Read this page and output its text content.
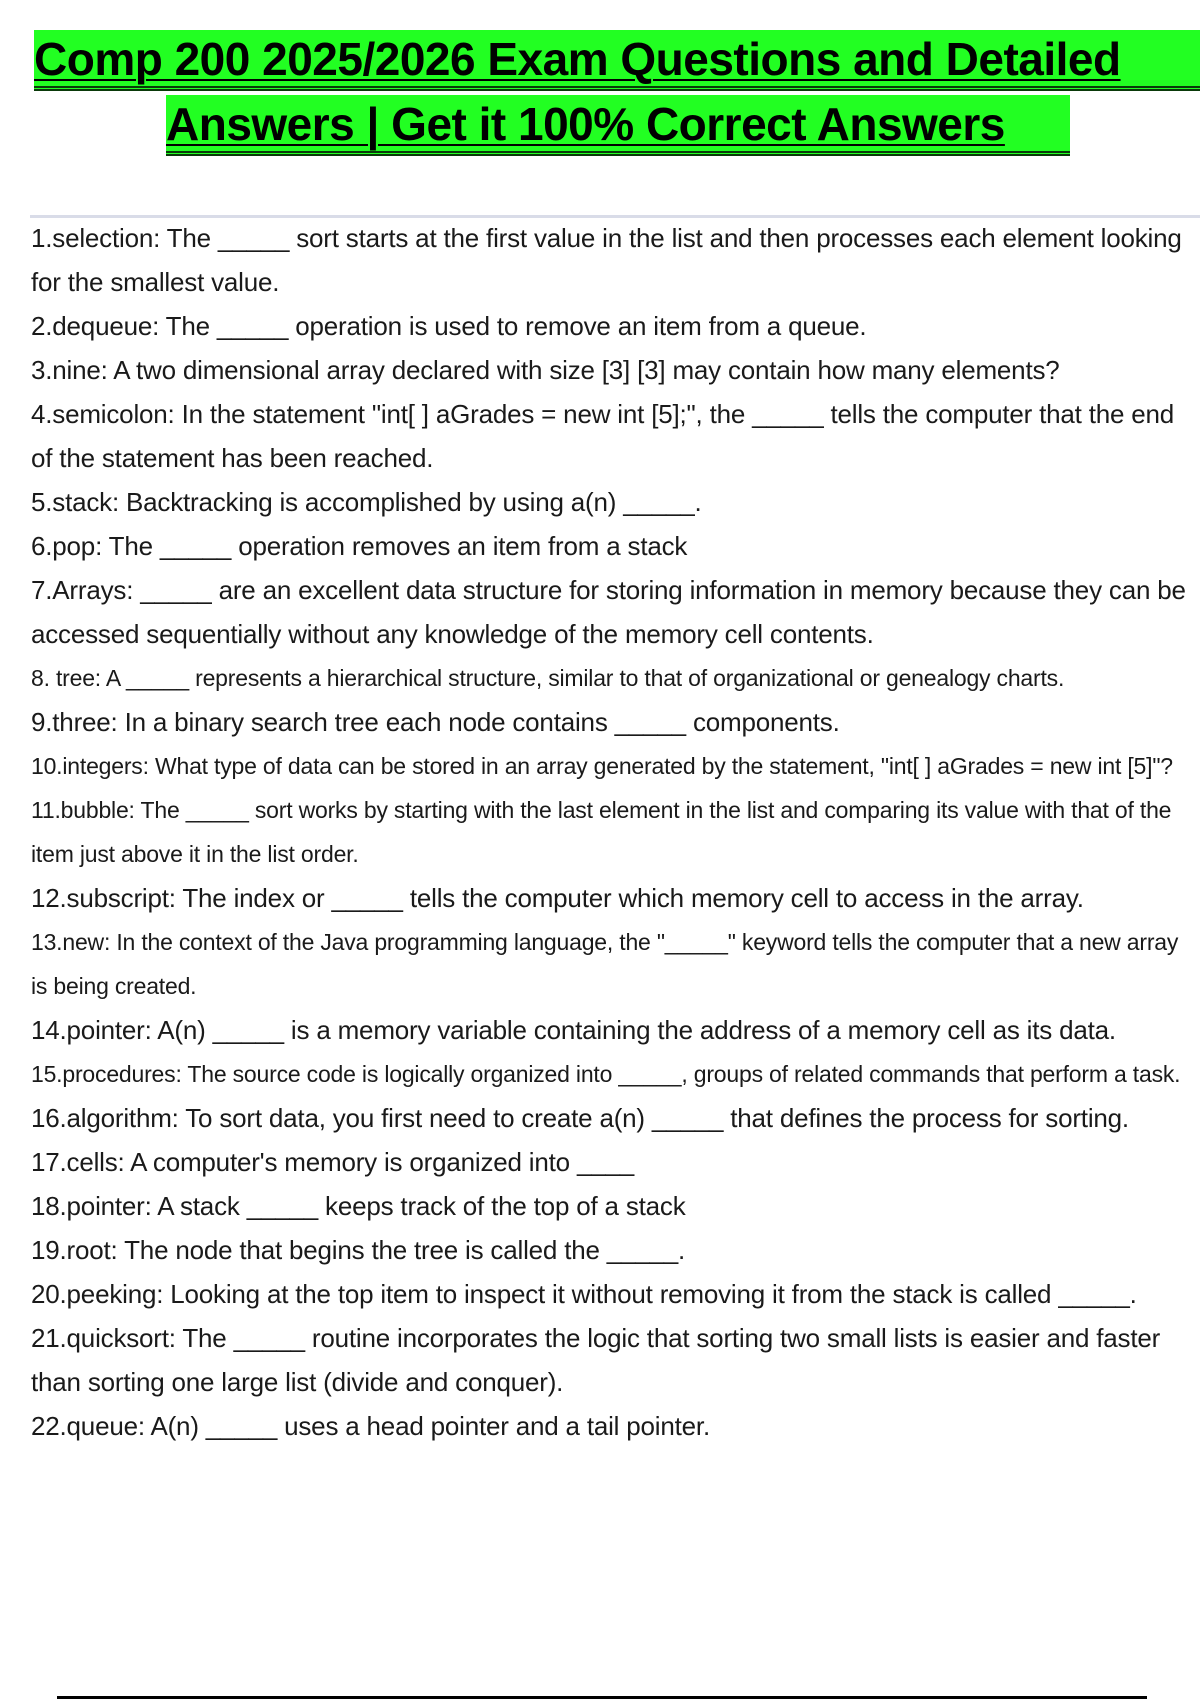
Comp 200 2025/2026 Exam Questions and Detailed
Answers | Get it 100% Correct Answers
1.selection: The _____ sort starts at the first value in the list and then processes each element looking for the smallest value.
2.dequeue: The _____ operation is used to remove an item from a queue.
3.nine: A two dimensional array declared with size [3] [3] may contain how many elements?
4.semicolon: In the statement "int[ ] aGrades = new int [5];", the _____ tells the computer that the end of the statement has been reached.
5.stack: Backtracking is accomplished by using a(n) _____.
6.pop: The _____ operation removes an item from a stack
7.Arrays: _____ are an excellent data structure for storing information in memory because they can be accessed sequentially without any knowledge of the memory cell contents.
8. tree: A _____ represents a hierarchical structure, similar to that of organizational or genealogy charts.
9.three: In a binary search tree each node contains _____ components.
10.integers: What type of data can be stored in an array generated by the statement, "int[ ] aGrades = new int [5]"?
11.bubble: The _____ sort works by starting with the last element in the list and comparing its value with that of the item just above it in the list order.
12.subscript: The index or _____ tells the computer which memory cell to access in the array.
13.new: In the context of the Java programming language, the "_____" keyword tells the computer that a new array is being created.
14.pointer: A(n) _____ is a memory variable containing the address of a memory cell as its data.
15.procedures: The source code is logically organized into _____, groups of related commands that perform a task.
16.algorithm: To sort data, you first need to create a(n) _____ that defines the process for sorting.
17.cells: A computer's memory is organized into ____
18.pointer: A stack _____ keeps track of the top of a stack
19.root: The node that begins the tree is called the _____.
20.peeking: Looking at the top item to inspect it without removing it from the stack is called _____.
21.quicksort: The _____ routine incorporates the logic that sorting two small lists is easier and faster than sorting one large list (divide and conquer).
22.queue: A(n) _____ uses a head pointer and a tail pointer.
